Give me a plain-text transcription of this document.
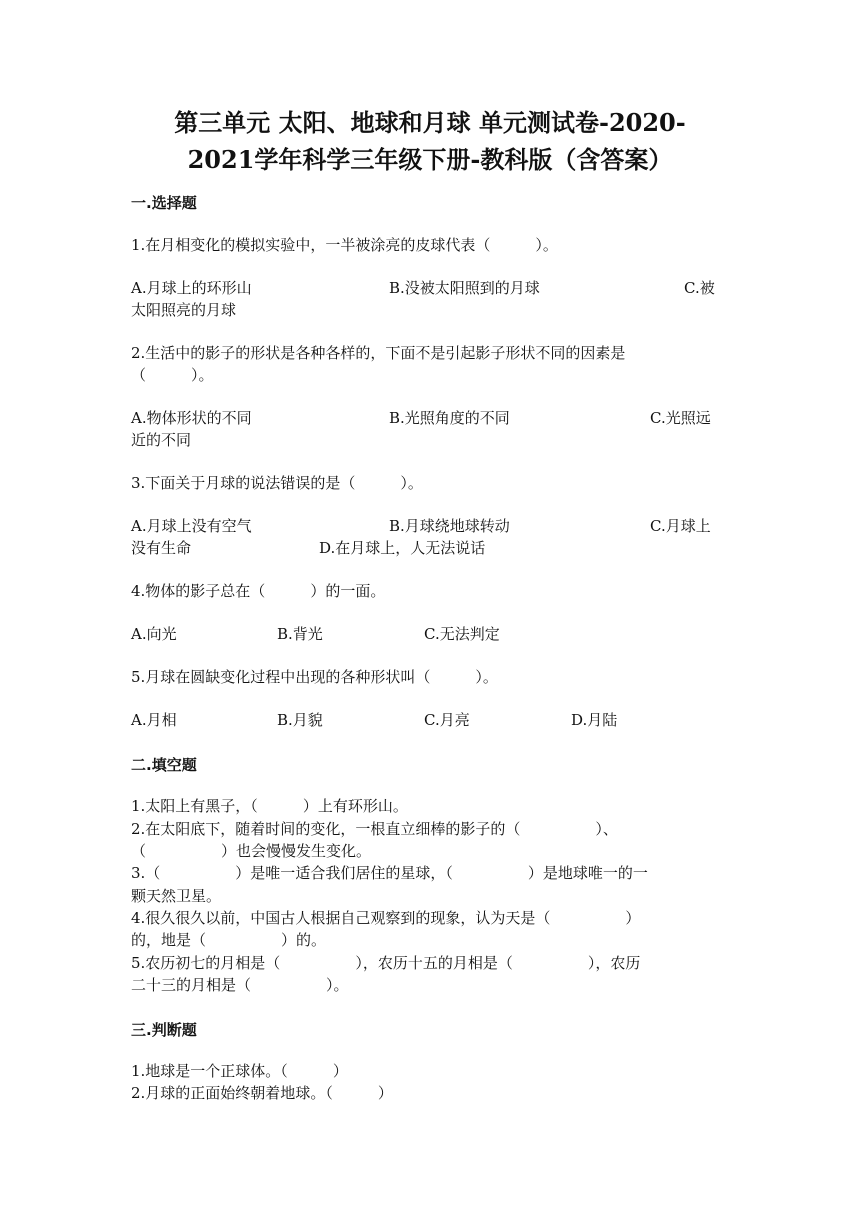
第三单元 太阳、地球和月球 单元测试卷-2020-
2021学年科学三年级下册-教科版（含答案）
一.选择题
1.在月相变化的模拟实验中，一半被涂亮的皮球代表（　　　）。
A.月球上的环形山	B.没被太阳照到的月球	C.被
太阳照亮的月球
2.生活中的影子的形状是各种各样的，下面不是引起影子形状不同的因素是
（　　　）。
A.物体形状的不同	B.光照角度的不同	C.光照远
近的不同
3.下面关于月球的说法错误的是（　　　）。
A.月球上没有空气	B.月球绕地球转动	C.月球上
没有生命	D.在月球上，人无法说话
4.物体的影子总在（　　　）的一面。
A.向光	B.背光	C.无法判定
5.月球在圆缺变化过程中出现的各种形状叫（　　　）。
A.月相	B.月貌	C.月亮	D.月陆
二.填空题
1.太阳上有黑子，（　　　）上有环形山。
2.在太阳底下，随着时间的变化，一根直立细棒的影子的（　　　　　）、
（　　　　　）也会慢慢发生变化。
3.（　　　　　）是唯一适合我们居住的星球，（　　　　　）是地球唯一的一
颗天然卫星。
4.很久很久以前，中国古人根据自己观察到的现象，认为天是（　　　　　）
的，地是（　　　　　）的。
5.农历初七的月相是（　　　　　），农历十五的月相是（　　　　　），农历
二十三的月相是（　　　　　）。
三.判断题
1.地球是一个正球体。（　　　）
2.月球的正面始终朝着地球。（　　　）
